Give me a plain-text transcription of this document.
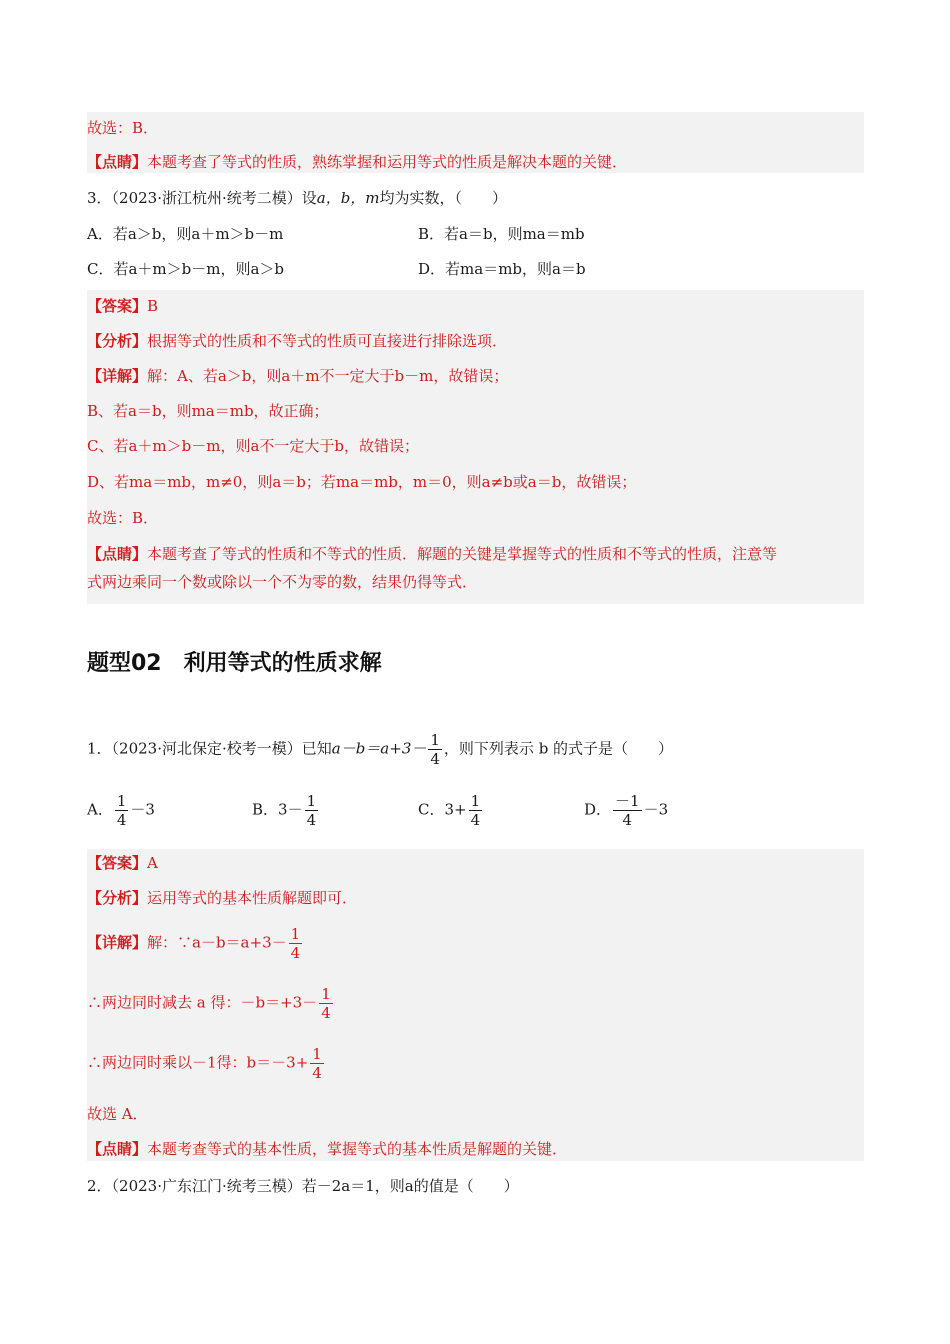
故选：B．
【点睛】本题考查了等式的性质，熟练掌握和运用等式的性质是解决本题的关键．
3．（2023·浙江杭州·统考二模）设a，b，m均为实数，（　　）
A．若a＞b，则a＋m＞b－m	B．若a＝b，则ma＝mb
C．若a＋m＞b－m，则a＞b	D．若ma＝mb，则a＝b
【答案】B
【分析】根据等式的性质和不等式的性质可直接进行排除选项．
【详解】解：A、若a＞b，则a＋m不一定大于b－m，故错误；
B、若a＝b，则ma＝mb，故正确；
C、若a＋m＞b－m，则a不一定大于b，故错误；
D、若ma＝mb，m≠0，则a＝b；若ma＝mb，m＝0，则a≠b或a＝b，故错误；
故选：B．
【点睛】本题考查了等式的性质和不等式的性质．解题的关键是掌握等式的性质和不等式的性质，注意等
式两边乘同一个数或除以一个不为零的数，结果仍得等式．
题型02 利用等式的性质求解
1．（2023·河北保定·校考一模）已知$a-b=a+3- \frac{1}{4}$ ，则下列表示 b 的式子是（　　）
A． $\frac{1}{4} -3$	B．$3- \frac{1}{4}$	C．$3+ \frac{1}{4}$	D． $\frac{-1}{4} -3$
【答案】A
【分析】运用等式的基本性质解题即可．
【详解】解：∵a－b＝a+3－ $\frac{1}{4}$
∴两边同时减去 a 得：$-b=+3- \frac{1}{4}$
∴两边同时乘以－1得：$b=-3+ \frac{1}{4}$
故选 A．
【点睛】本题考查等式的基本性质，掌握等式的基本性质是解题的关键．
2．（2023·广东江门·统考三模）若－2a＝1，则a的值是（　　）
